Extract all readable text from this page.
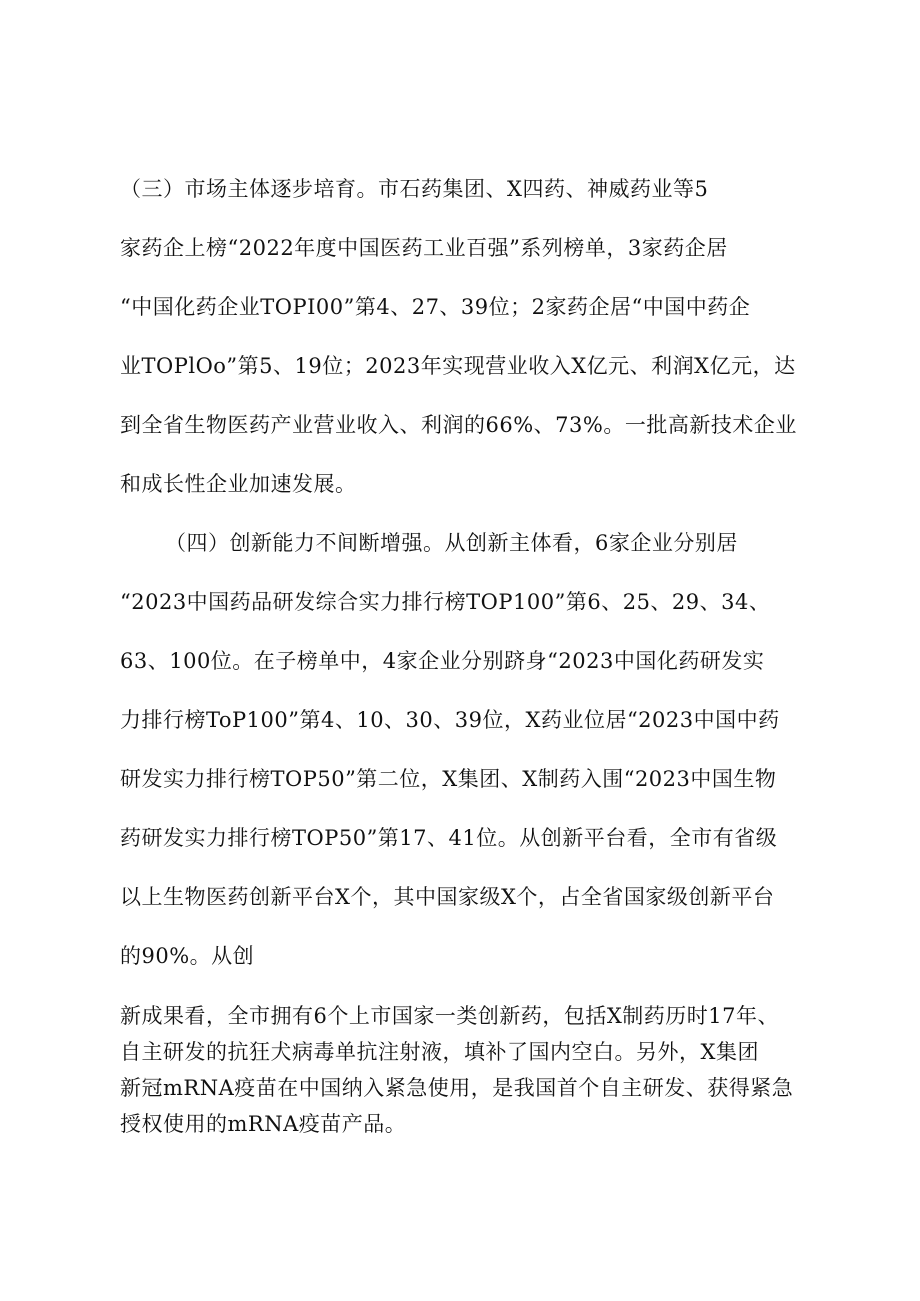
（三）市场主体逐步培育。市石药集团、X四药、神威药业等5
家药企上榜“2022年度中国医药工业百强”系列榜单，3家药企居
“中国化药企业TOPI00”第4、27、39位；2家药企居“中国中药企
业TOPlOo”第5、19位；2023年实现营业收入X亿元、利润X亿元，达
到全省生物医药产业营业收入、利润的66%、73%。一批高新技术企业
和成长性企业加速发展。
（四）创新能力不间断增强。从创新主体看，6家企业分别居
“2023中国药品研发综合实力排行榜TOP100”第6、25、29、34、
63、100位。在子榜单中，4家企业分别跻身“2023中国化药研发实
力排行榜ToP100”第4、10、30、39位，X药业位居“2023中国中药
研发实力排行榜TOP50”第二位，X集团、X制药入围“2023中国生物
药研发实力排行榜TOP50”第17、41位。从创新平台看，全市有省级
以上生物医药创新平台X个，其中国家级X个，占全省国家级创新平台
的90%。从创
新成果看，全市拥有6个上市国家一类创新药，包括X制药历时17年、
自主研发的抗狂犬病毒单抗注射液，填补了国内空白。另外，X集团
新冠mRNA疫苗在中国纳入紧急使用，是我国首个自主研发、获得紧急
授权使用的mRNA疫苗产品。
